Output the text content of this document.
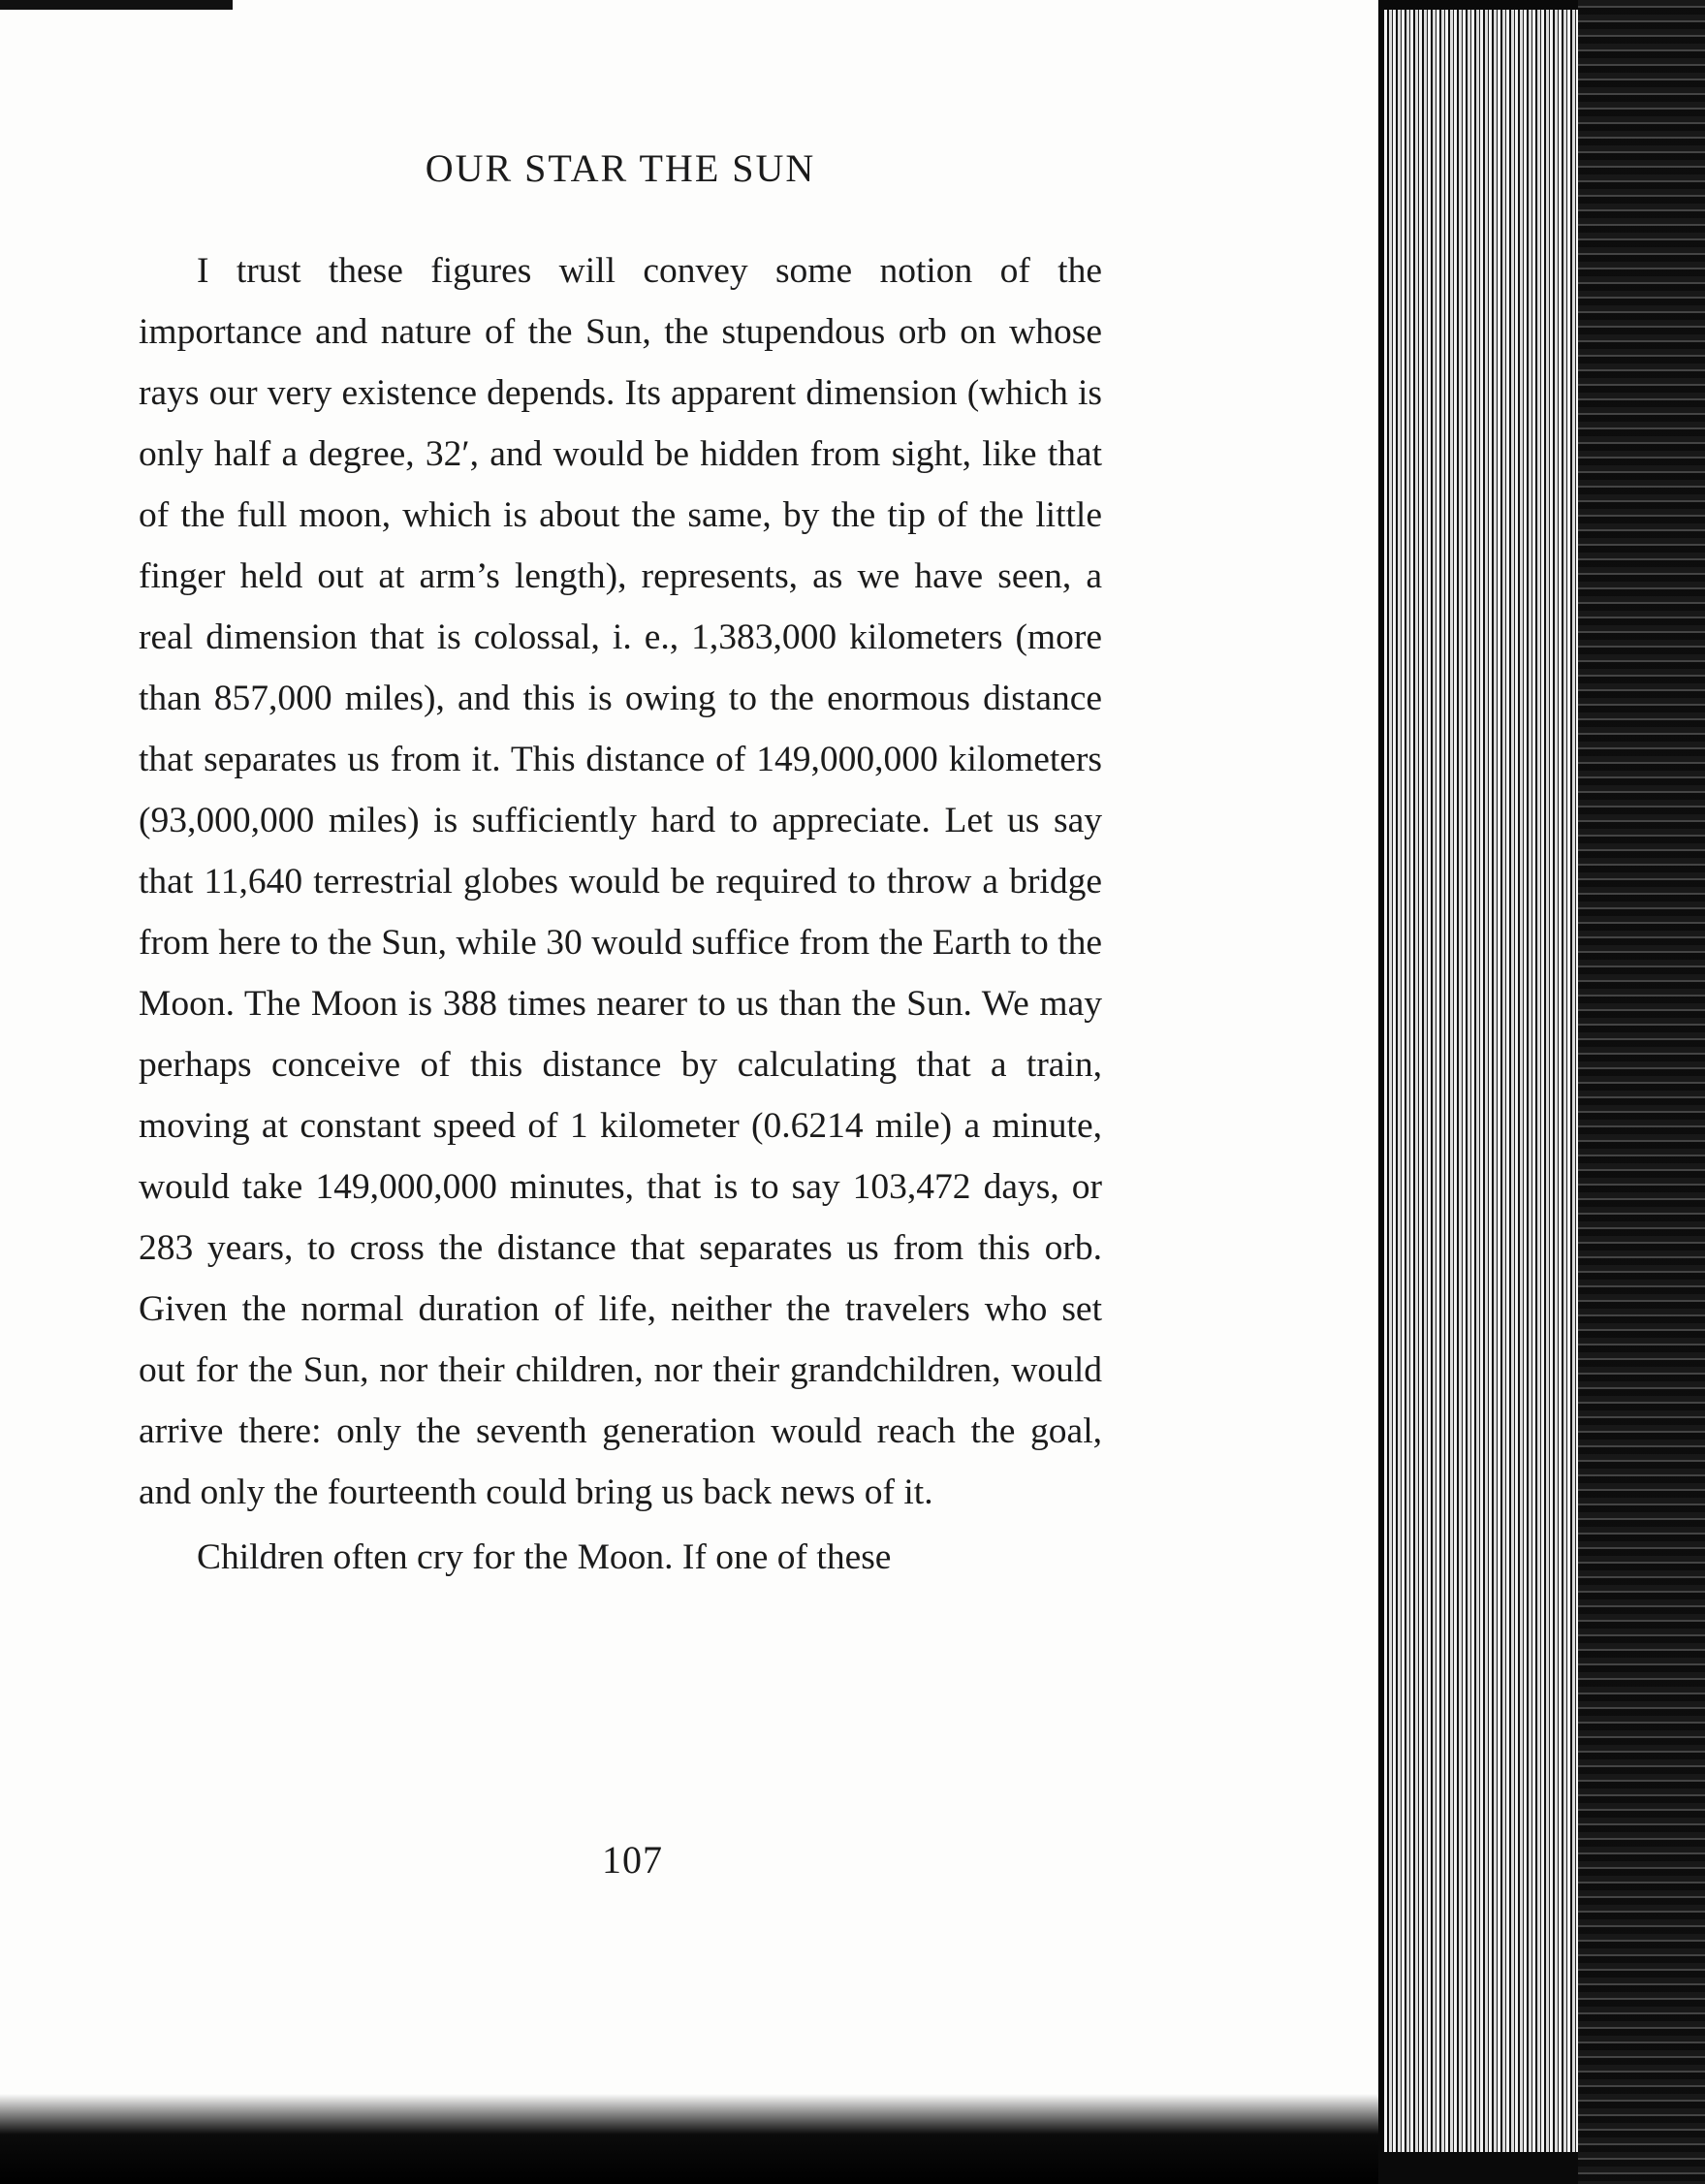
OUR STAR THE SUN

I trust these figures will convey some notion of the importance and nature of the Sun, the stupendous orb on whose rays our very existence depends. Its apparent dimension (which is only half a degree, 32′, and would be hidden from sight, like that of the full moon, which is about the same, by the tip of the little finger held out at arm’s length), represents, as we have seen, a real dimension that is colossal, i. e., 1,383,000 kilometers (more than 857,000 miles), and this is owing to the enormous distance that separates us from it. This distance of 149,000,000 kilometers (93,000,000 miles) is sufficiently hard to appreciate. Let us say that 11,640 terrestrial globes would be required to throw a bridge from here to the Sun, while 30 would suffice from the Earth to the Moon. The Moon is 388 times nearer to us than the Sun. We may perhaps conceive of this distance by calculating that a train, moving at constant speed of 1 kilometer (0.6214 mile) a minute, would take 149,000,000 minutes, that is to say 103,472 days, or 283 years, to cross the distance that separates us from this orb. Given the normal duration of life, neither the travelers who set out for the Sun, nor their children, nor their grandchildren, would arrive there: only the seventh generation would reach the goal, and only the fourteenth could bring us back news of it.

Children often cry for the Moon. If one of these

107
